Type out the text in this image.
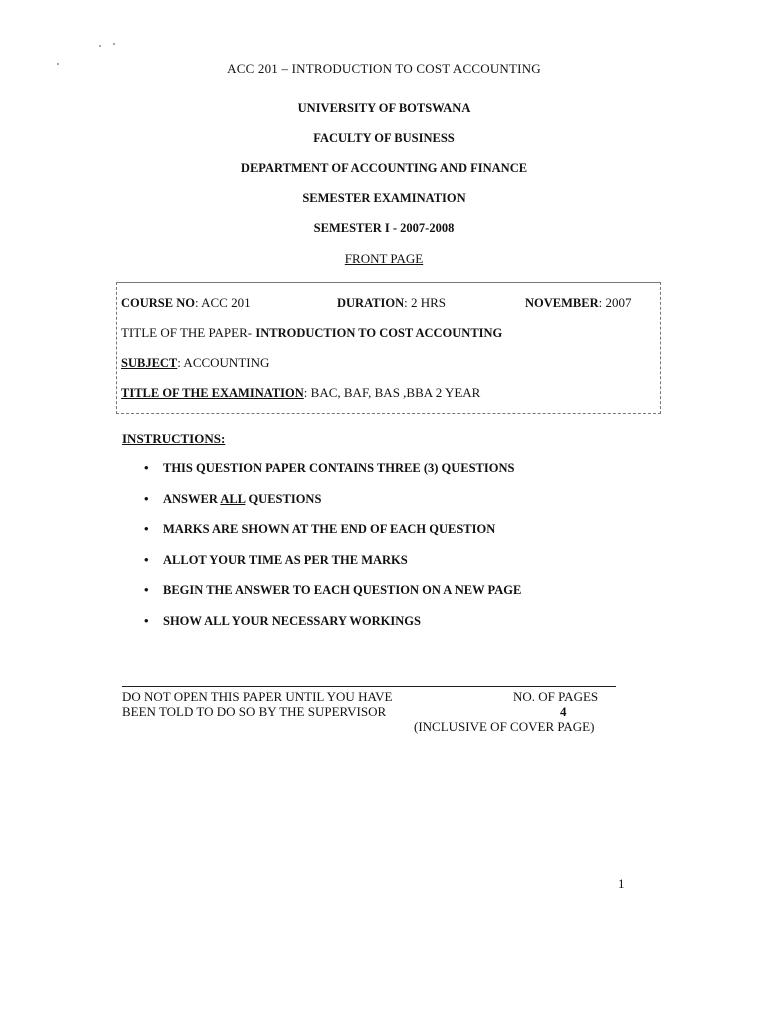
ACC 201 – INTRODUCTION TO COST ACCOUNTING
UNIVERSITY OF BOTSWANA
FACULTY OF BUSINESS
DEPARTMENT OF ACCOUNTING AND FINANCE
SEMESTER EXAMINATION
SEMESTER I - 2007-2008
FRONT PAGE
COURSE NO: ACC 201	DURATION: 2 HRS	NOVEMBER: 2007
TITLE OF THE PAPER- INTRODUCTION TO COST ACCOUNTING
SUBJECT: ACCOUNTING
TITLE OF THE EXAMINATION: BAC, BAF, BAS ,BBA 2 YEAR
INSTRUCTIONS:
• THIS QUESTION PAPER CONTAINS THREE (3) QUESTIONS
• ANSWER ALL QUESTIONS
• MARKS ARE SHOWN AT THE END OF EACH QUESTION
• ALLOT YOUR TIME AS PER THE MARKS
• BEGIN THE ANSWER TO EACH QUESTION ON A NEW PAGE
• SHOW ALL YOUR NECESSARY WORKINGS
DO NOT OPEN THIS PAPER UNTIL YOU HAVE
BEEN TOLD TO DO SO BY THE SUPERVISOR
NO. OF PAGES
4
(INCLUSIVE OF COVER PAGE)
1
